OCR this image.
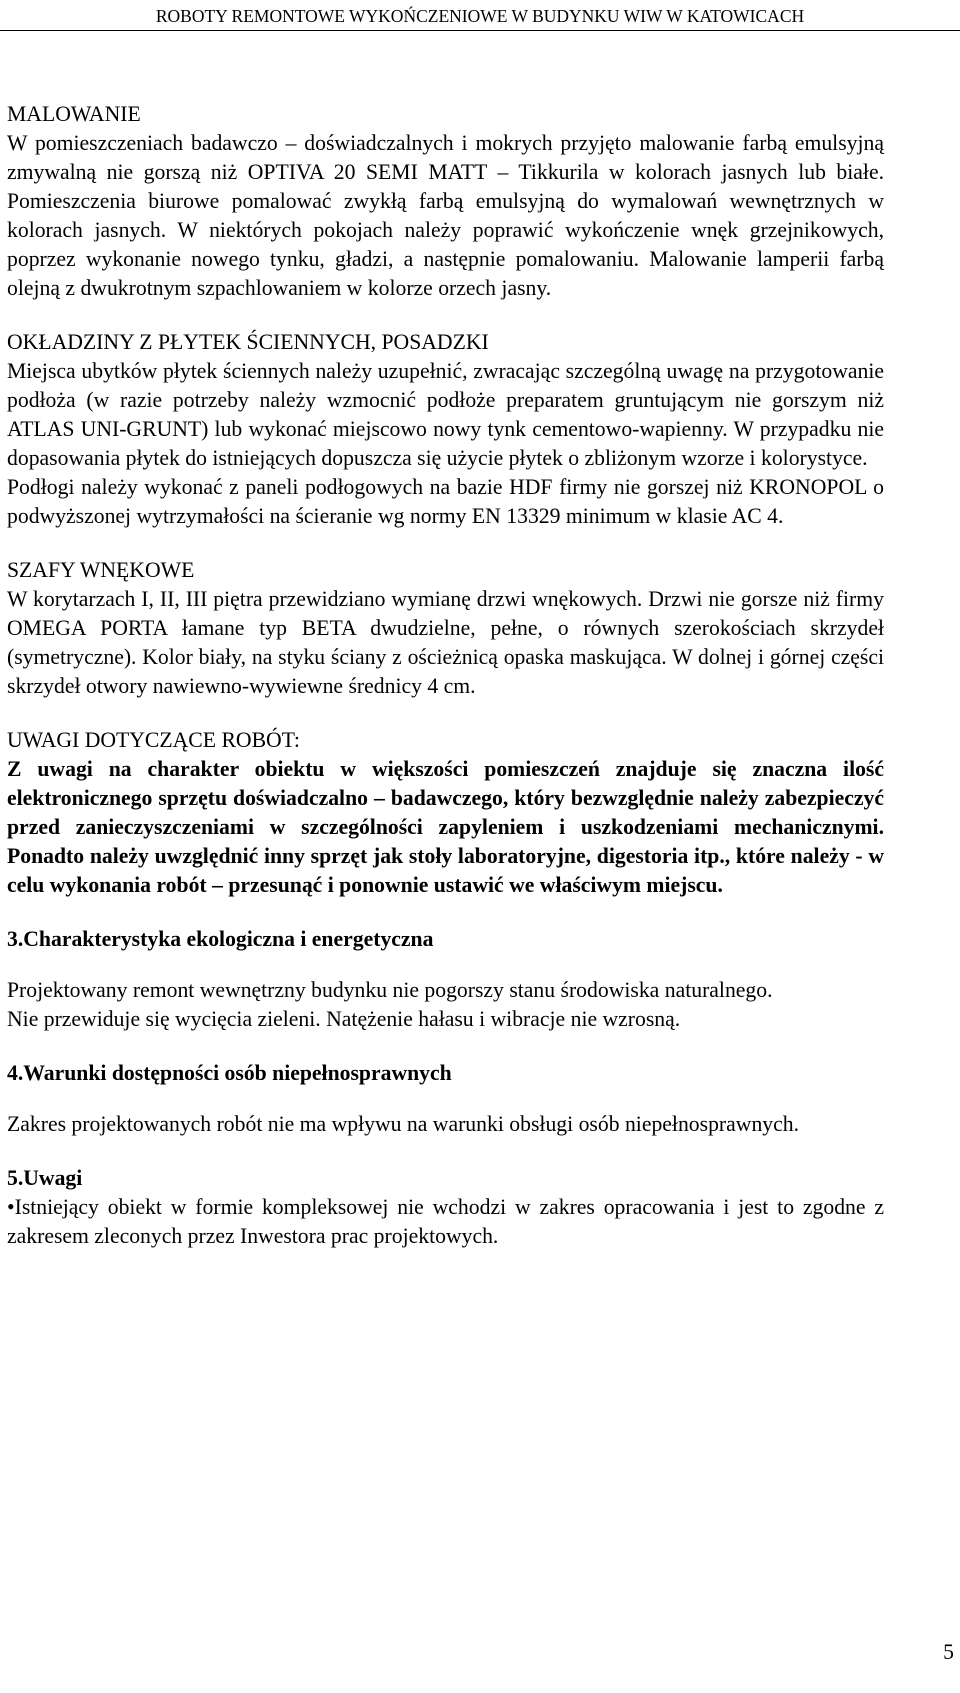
ROBOTY REMONTOWE WYKOŃCZENIOWE W BUDYNKU WIW W KATOWICACH

MALOWANIE

W pomieszczeniach badawczo – doświadczalnych i mokrych przyjęto malowanie farbą emulsyjną zmywalną nie gorszą niż OPTIVA 20 SEMI MATT – Tikkurila w kolorach jasnych lub białe. Pomieszczenia biurowe pomalować zwykłą farbą emulsyjną do wymalowań wewnętrznych w kolorach jasnych. W niektórych pokojach należy poprawić wykończenie wnęk grzejnikowych, poprzez wykonanie nowego tynku, gładzi, a następnie pomalowaniu. Malowanie lamperii farbą olejną z dwukrotnym szpachlowaniem w kolorze orzech jasny.

OKŁADZINY Z PŁYTEK ŚCIENNYCH, POSADZKI

Miejsca ubytków płytek ściennych należy uzupełnić, zwracając szczególną uwagę na przygotowanie podłoża (w razie potrzeby należy wzmocnić podłoże preparatem gruntującym nie gorszym niż ATLAS UNI-GRUNT) lub wykonać miejscowo nowy tynk cementowo-wapienny. W przypadku nie dopasowania płytek do istniejących dopuszcza się użycie płytek o zbliżonym wzorze i kolorystyce.

Podłogi należy wykonać z paneli podłogowych na bazie HDF firmy nie gorszej niż KRONOPOL o podwyższonej wytrzymałości na ścieranie wg normy EN 13329 minimum w klasie AC 4.

SZAFY WNĘKOWE

W korytarzach I, II, III piętra przewidziano wymianę drzwi wnękowych. Drzwi nie gorsze niż firmy OMEGA PORTA łamane typ BETA dwudzielne, pełne, o równych szerokościach skrzydeł (symetryczne). Kolor biały, na styku ściany z ościeżnicą opaska maskująca. W dolnej i górnej części skrzydeł otwory nawiewno-wywiewne średnicy 4 cm.

UWAGI DOTYCZĄCE ROBÓT:

Z uwagi na charakter obiektu w większości pomieszczeń znajduje się znaczna ilość elektronicznego sprzętu doświadczalno – badawczego, który bezwzględnie należy zabezpieczyć przed zanieczyszczeniami w szczególności zapyleniem i uszkodzeniami mechanicznymi. Ponadto należy uwzględnić inny sprzęt jak stoły laboratoryjne, digestoria itp., które należy - w celu wykonania robót – przesunąć i ponownie ustawić we właściwym miejscu.

3.Charakterystyka ekologiczna i energetyczna

Projektowany remont wewnętrzny budynku nie pogorszy stanu środowiska naturalnego.

Nie przewiduje się wycięcia zieleni. Natężenie hałasu i wibracje nie wzrosną.

4.Warunki dostępności osób niepełnosprawnych

Zakres projektowanych robót nie ma wpływu na warunki obsługi osób niepełnosprawnych.

5.Uwagi

•Istniejący obiekt w formie kompleksowej nie wchodzi w zakres opracowania i jest to zgodne z zakresem zleconych przez Inwestora prac projektowych.

5
